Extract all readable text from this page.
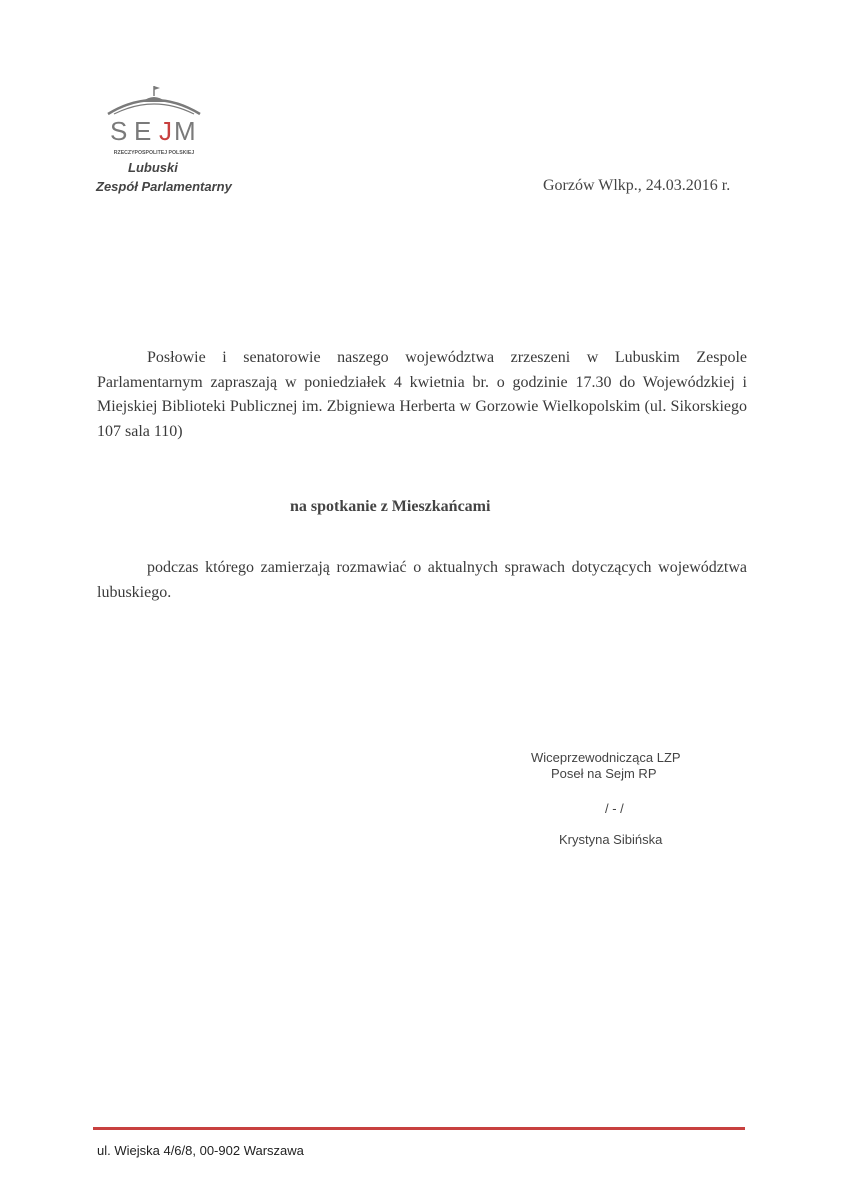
S E J M
RZECZYPOSPOLITEJ POLSKIEJ
Lubuski
Zespół Parlamentarny	Gorzów Wlkp., 24.03.2016 r.
Posłowie i senatorowie naszego województwa zrzeszeni w Lubuskim Zespole Parlamentarnym zapraszają w poniedziałek 4 kwietnia br. o godzinie 17.30 do Wojewódzkiej i Miejskiej Biblioteki Publicznej im. Zbigniewa Herberta w Gorzowie Wielkopolskim (ul. Sikorskiego 107 sala 110)
na spotkanie z Mieszkańcami
podczas którego zamierzają rozmawiać o aktualnych sprawach dotyczących województwa lubuskiego.
Wiceprzewodnicząca LZP
Poseł na Sejm RP
/ - /
Krystyna Sibińska
ul. Wiejska 4/6/8, 00-902 Warszawa
